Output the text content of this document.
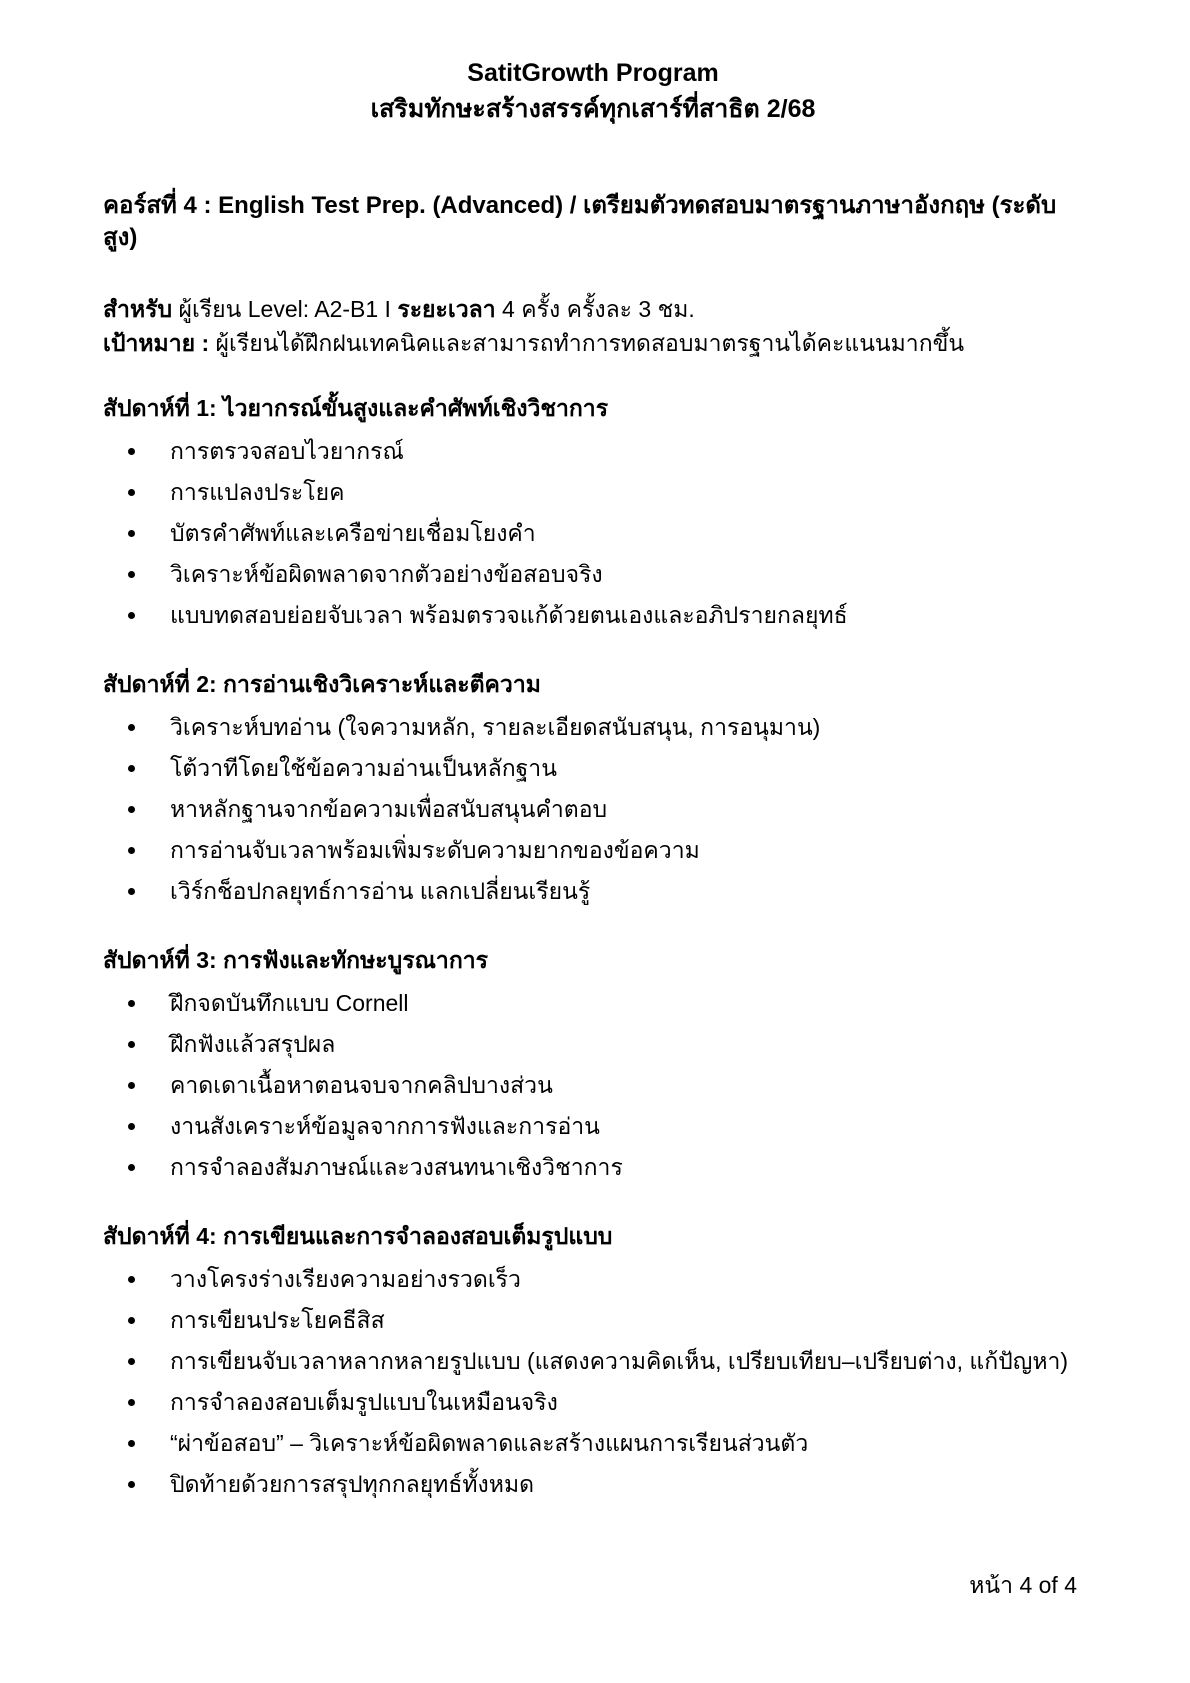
SatitGrowth Program
เสริมทักษะสร้างสรรค์ทุกเสาร์ที่สาธิต 2/68
คอร์สที่ 4 : English Test Prep. (Advanced) / เตรียมตัวทดสอบมาตรฐานภาษาอังกฤษ (ระดับสูง)

สำหรับ ผู้เรียน Level: A2-B1 I ระยะเวลา 4 ครั้ง ครั้งละ 3 ชม.

เป้าหมาย : ผู้เรียนได้ฝึกฝนเทคนิคและสามารถทำการทดสอบมาตรฐานได้คะแนนมากขึ้น

สัปดาห์ที่ 1: ไวยากรณ์ขั้นสูงและคำศัพท์เชิงวิชาการ
การตรวจสอบไวยากรณ์
การแปลงประโยค
บัตรคำศัพท์และเครือข่ายเชื่อมโยงคำ
วิเคราะห์ข้อผิดพลาดจากตัวอย่างข้อสอบจริง
แบบทดสอบย่อยจับเวลา พร้อมตรวจแก้ด้วยตนเองและอภิปรายกลยุทธ์
สัปดาห์ที่ 2: การอ่านเชิงวิเคราะห์และตีความ
วิเคราะห์บทอ่าน (ใจความหลัก, รายละเอียดสนับสนุน, การอนุมาน)
โต้วาทีโดยใช้ข้อความอ่านเป็นหลักฐาน
หาหลักฐานจากข้อความเพื่อสนับสนุนคำตอบ
การอ่านจับเวลาพร้อมเพิ่มระดับความยากของข้อความ
เวิร์กช็อปกลยุทธ์การอ่าน แลกเปลี่ยนเรียนรู้
สัปดาห์ที่ 3: การฟังและทักษะบูรณาการ
ฝึกจดบันทึกแบบ Cornell
ฝึกฟังแล้วสรุปผล
คาดเดาเนื้อหาตอนจบจากคลิปบางส่วน
งานสังเคราะห์ข้อมูลจากการฟังและการอ่าน
การจำลองสัมภาษณ์และวงสนทนาเชิงวิชาการ
สัปดาห์ที่ 4: การเขียนและการจำลองสอบเต็มรูปแบบ
วางโครงร่างเรียงความอย่างรวดเร็ว
การเขียนประโยคธีสิส
การเขียนจับเวลาหลากหลายรูปแบบ (แสดงความคิดเห็น, เปรียบเทียบ–เปรียบต่าง, แก้ปัญหา)
การจำลองสอบเต็มรูปแบบในเหมือนจริง
“ผ่าข้อสอบ” – วิเคราะห์ข้อผิดพลาดและสร้างแผนการเรียนส่วนตัว
ปิดท้ายด้วยการสรุปทุกกลยุทธ์ทั้งหมด
หน้า 4 of 4
